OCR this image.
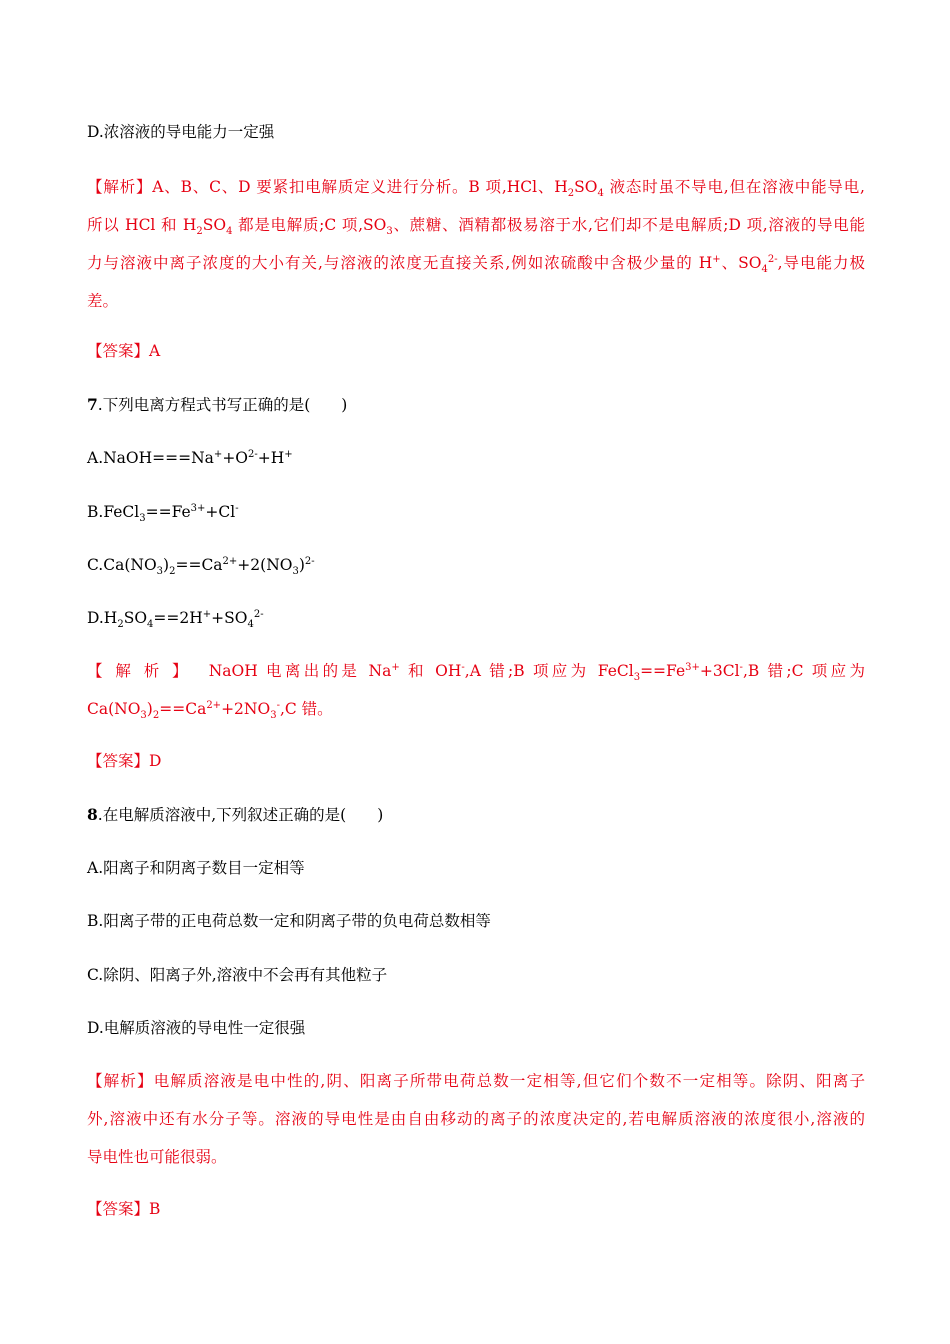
D.浓溶液的导电能力一定强
【解析】A、B、C、D 要紧扣电解质定义进行分析。B 项,HCl、$H_2SO_4$ 液态时虽不导电,但在溶液中能导电,
所以 HCl 和 $H_2SO_4$ 都是电解质;C 项$,SO_3$、蔗糖、酒精都极易溶于水,它们却不是电解质;D 项,溶液的导电能
力与溶液中离子浓度的大小有关,与溶液的浓度无直接关系,例如浓硫酸中含极少量的 H+、$SO_4^{2-}$,导电能力极
差。
【答案】A
7.下列电离方程式书写正确的是(　　)
$A.NaOH===Na^++O^{2-}+H^+$
$B.FeCl_3==Fe^{3+}+Cl^-$
$C.Ca(NO_3)_2==Ca^{2+}+2(NO_3)^{2-}$
$D.H_2SO_4==2H^++SO_4^{2-}$
【解析】 NaOH 电离出的是 Na+ 和 OH-,A 错;B 项应为 $FeCl_3==Fe^{3+}+3Cl^-,B$ 错;C 项应为
$Ca(NO_3)_2==Ca^{2+}+2NO_3^-,C$ 错。
【答案】D
8.在电解质溶液中,下列叙述正确的是(　　)
A.阳离子和阴离子数目一定相等
B.阳离子带的正电荷总数一定和阴离子带的负电荷总数相等
C.除阴、阳离子外,溶液中不会再有其他粒子
D.电解质溶液的导电性一定很强
【解析】电解质溶液是电中性的,阴、阳离子所带电荷总数一定相等,但它们个数不一定相等。除阴、阳离子
外,溶液中还有水分子等。溶液的导电性是由自由移动的离子的浓度决定的,若电解质溶液的浓度很小,溶液的
导电性也可能很弱。
【答案】B
